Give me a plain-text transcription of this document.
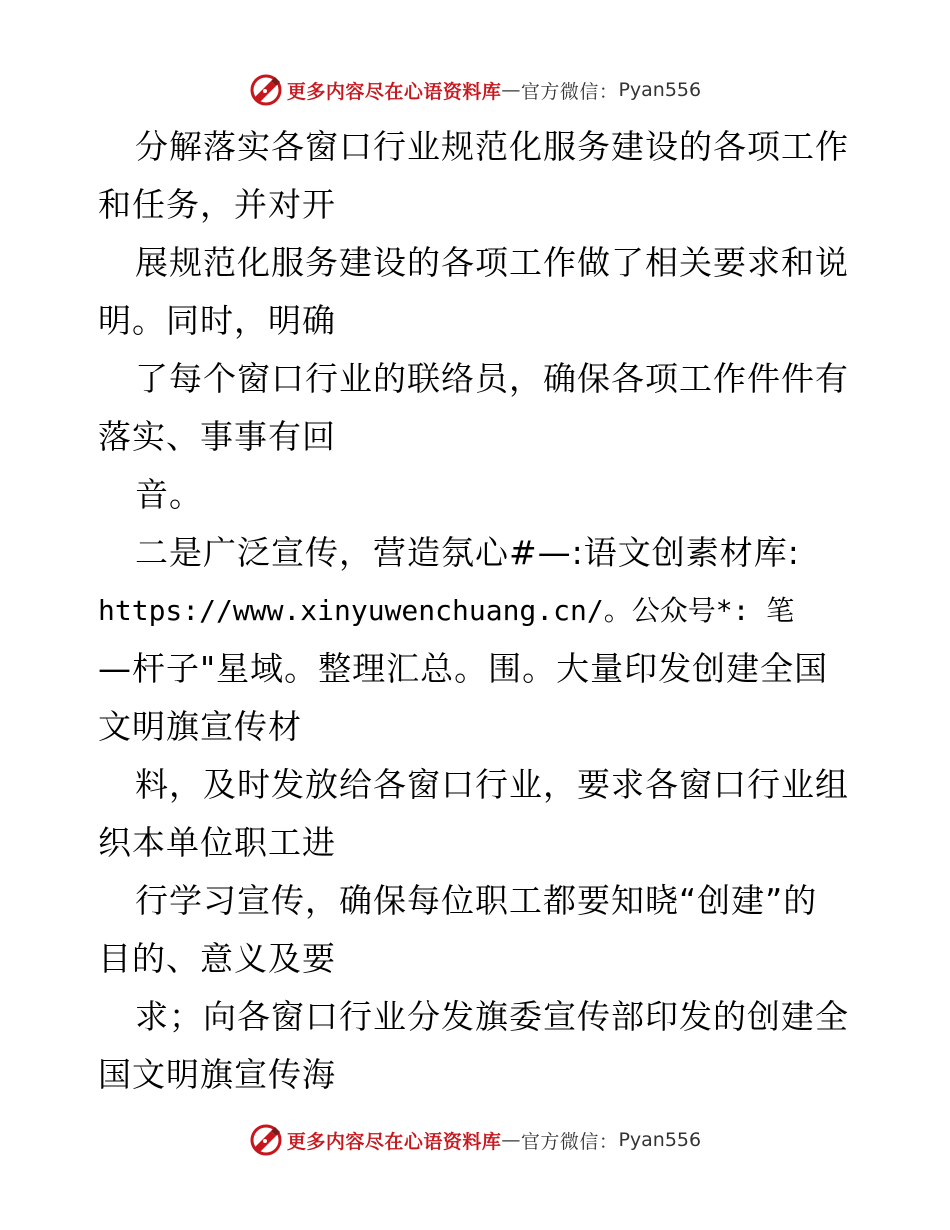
更多内容尽在心语资料库 — 官方微信： Pyan556
分解落实各窗口行业规范化服务建设的各项工作
和任务，并对开
展规范化服务建设的各项工作做了相关要求和说
明。同时，明确
了每个窗口行业的联络员，确保各项工作件件有
落实、事事有回
音。
二是广泛宣传，营造氛心#—:语文创素材库:
https://www.xinyuwenchuang.cn/。公众号*: 笔
—杆子"星域。整理汇总。围。大量印发创建全国
文明旗宣传材
料，及时发放给各窗口行业，要求各窗口行业组
织本单位职工进
行学习宣传，确保每位职工都要知晓“创建”的
目的、意义及要
求；向各窗口行业分发旗委宣传部印发的创建全
国文明旗宣传海
更多内容尽在心语资料库 — 官方微信： Pyan556
